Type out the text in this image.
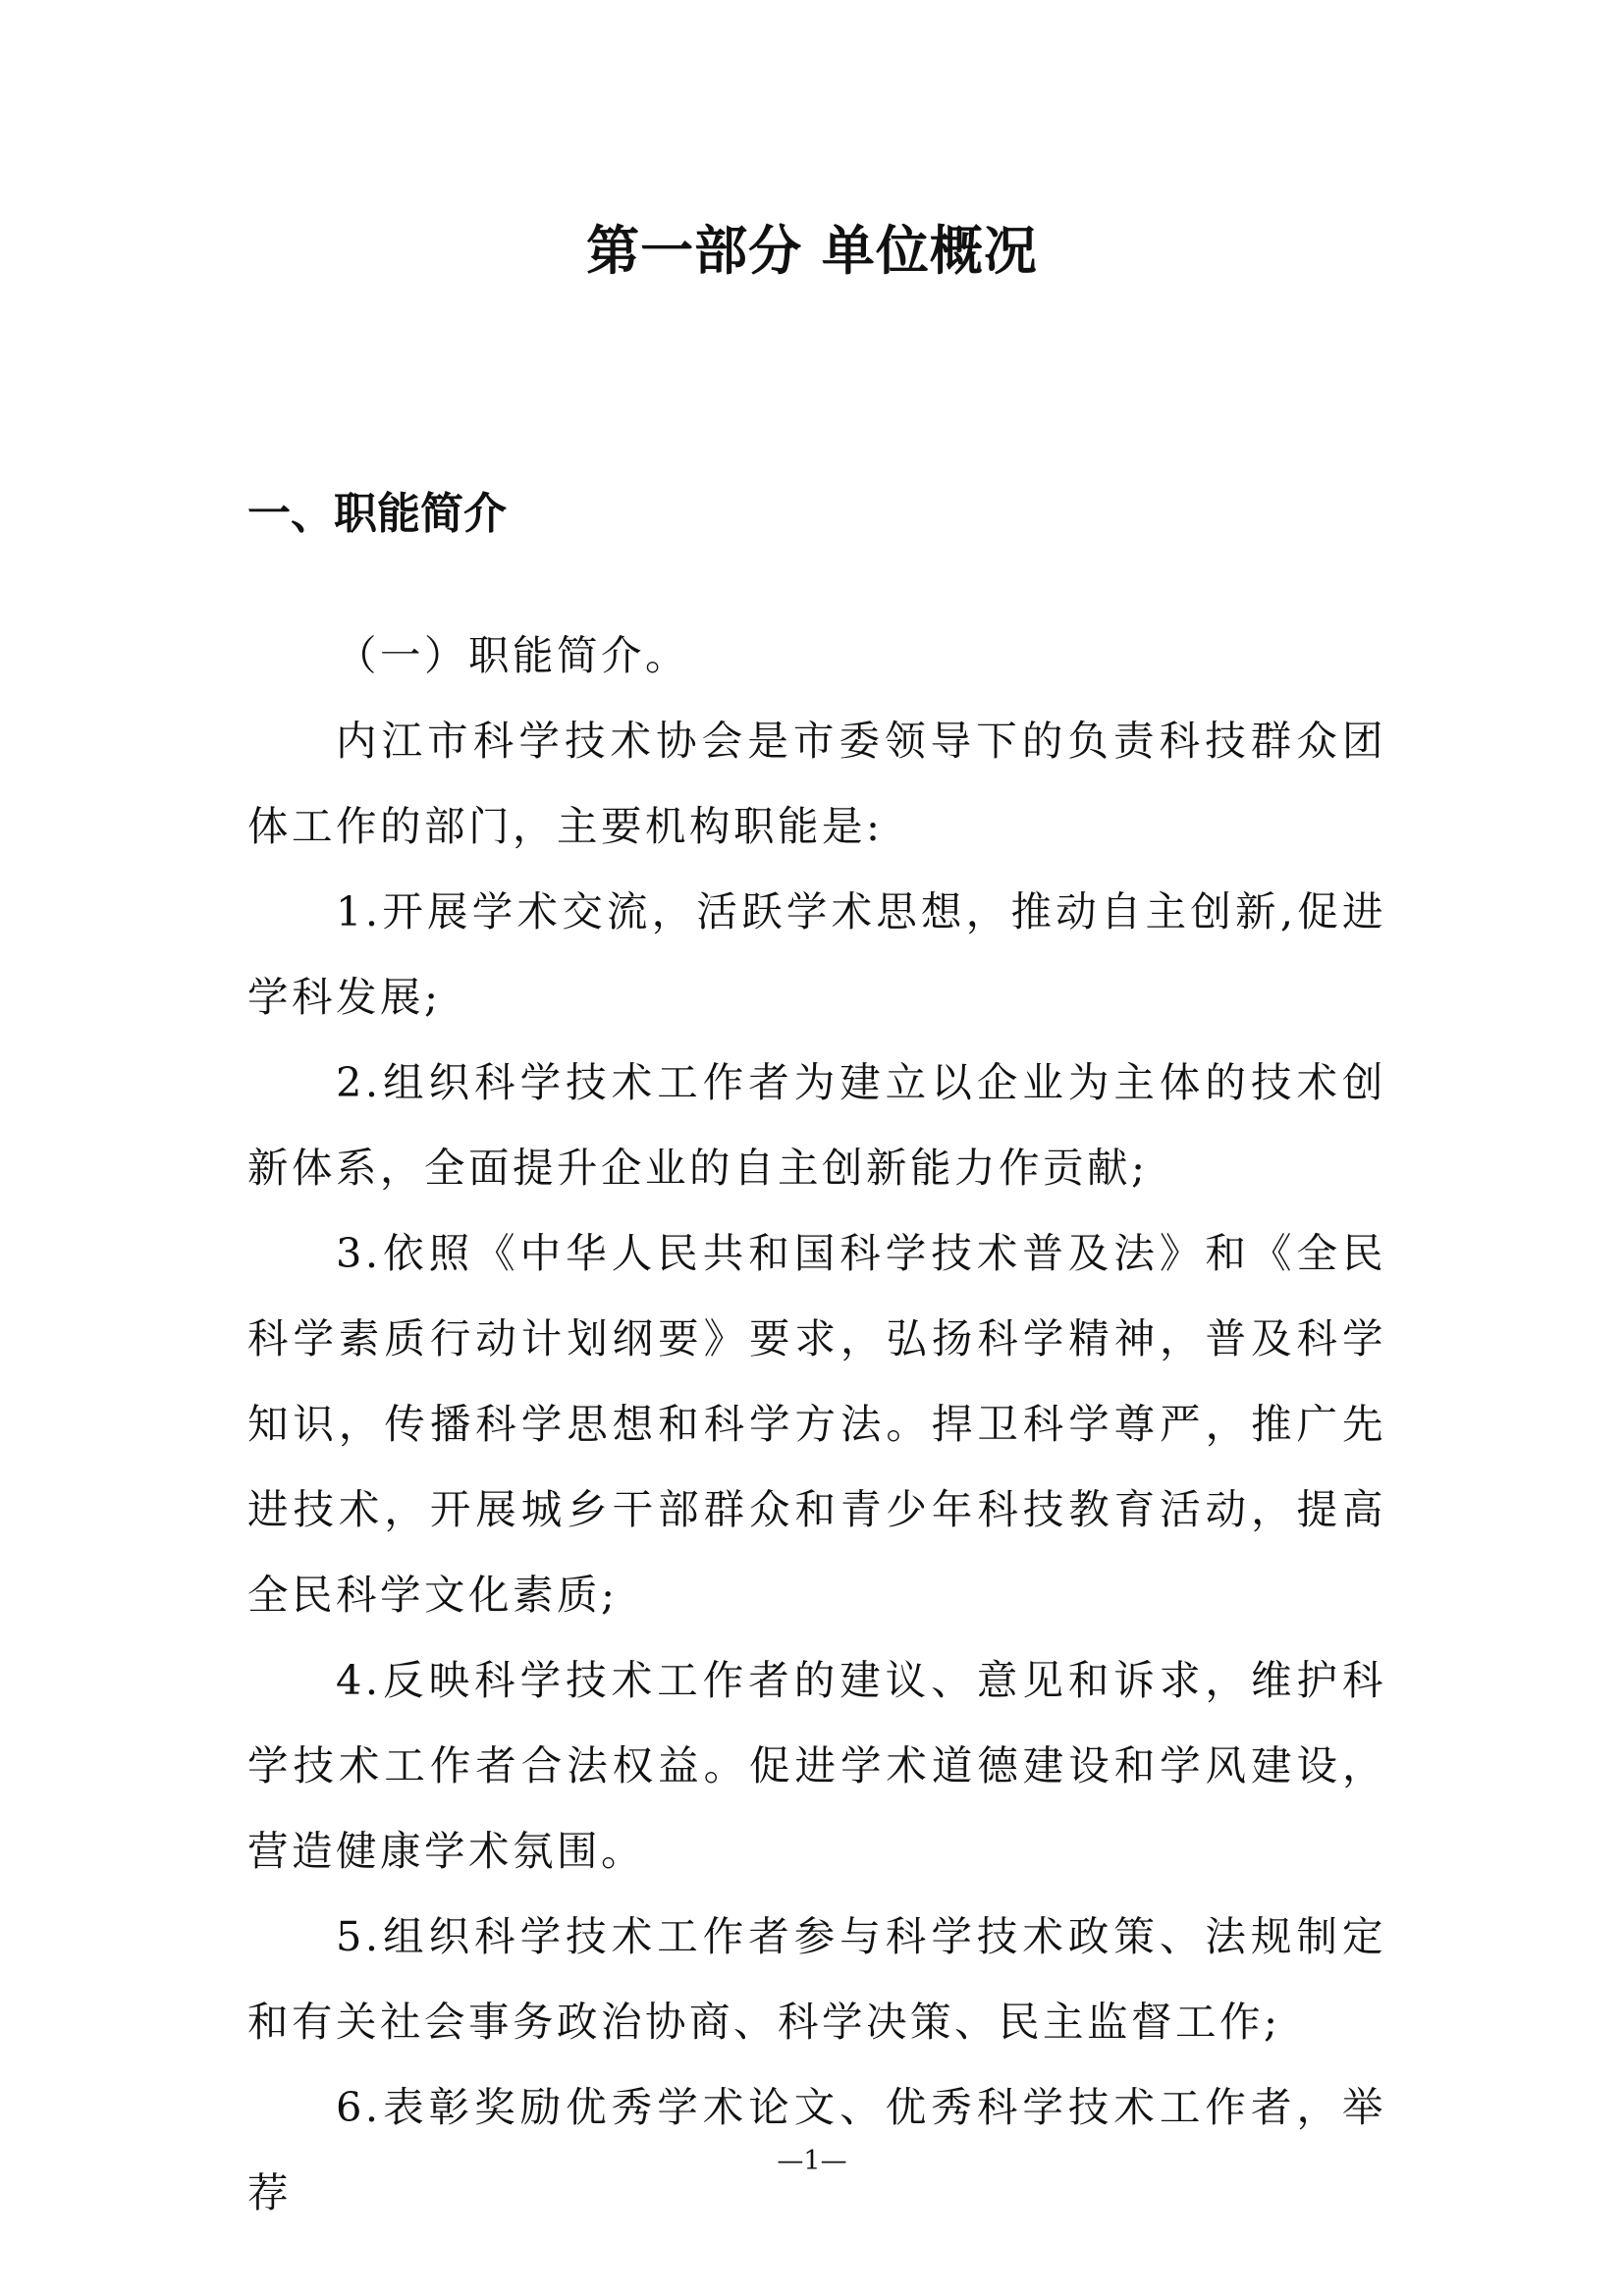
第一部分 单位概况
一、职能简介

（一）职能简介。

内江市科学技术协会是市委领导下的负责科技群众团体工作的部门，主要机构职能是:

1.开展学术交流，活跃学术思想，推动自主创新,促进学科发展;

2.组织科学技术工作者为建立以企业为主体的技术创新体系，全面提升企业的自主创新能力作贡献;

3.依照《中华人民共和国科学技术普及法》和《全民科学素质行动计划纲要》要求，弘扬科学精神，普及科学知识，传播科学思想和科学方法。捍卫科学尊严，推广先进技术，开展城乡干部群众和青少年科技教育活动，提高全民科学文化素质;

4.反映科学技术工作者的建议、意见和诉求，维护科学技术工作者合法权益。促进学术道德建设和学风建设，营造健康学术氛围。

5.组织科学技术工作者参与科学技术政策、法规制定和有关社会事务政治协商、科学决策、民主监督工作;

6.表彰奖励优秀学术论文、优秀科学技术工作者，举荐

—1—
